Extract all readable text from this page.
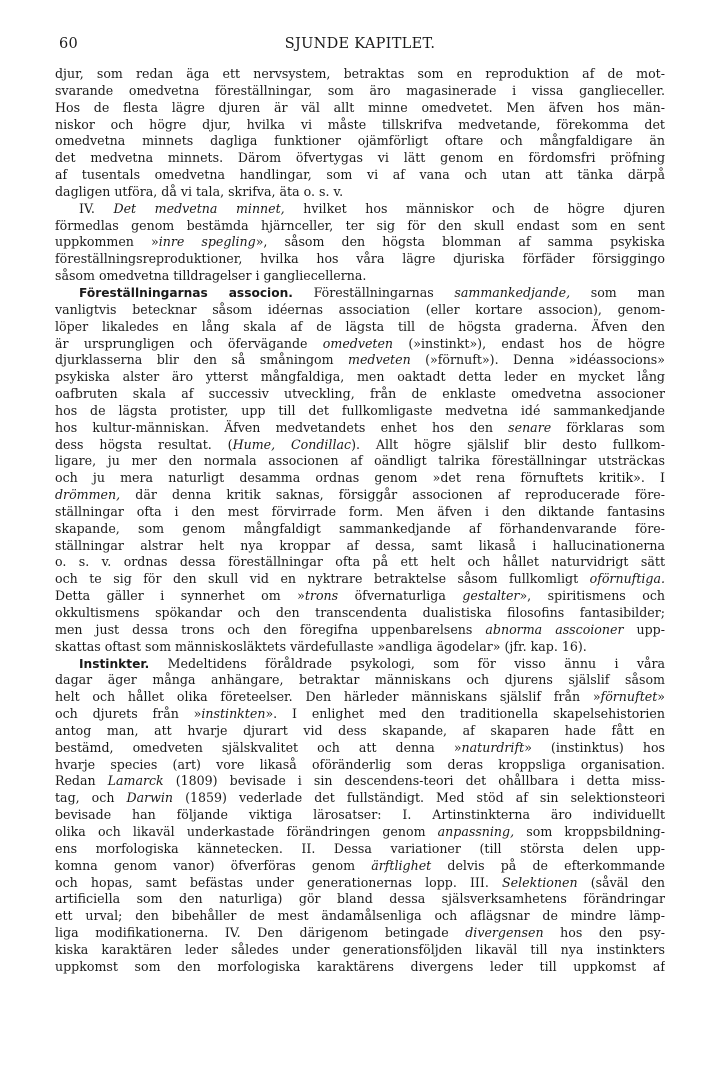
60	SJUNDE KAPITLET.
djur, som redan äga ett nervsystem, betraktas som en reproduktion af de mot-
svarande omedvetna föreställningar, som äro magasinerade i vissa ganglieceller.
Hos de flesta lägre djuren är väl allt minne omedvetet. Men äfven hos män-
niskor och högre djur, hvilka vi måste tillskrifva medvetande, förekomma det
omedvetna minnets dagliga funktioner ojämförligt oftare och mångfaldigare än
det medvetna minnets. Därom öfvertygas vi lätt genom en fördomsfri pröfning
af tusentals omedvetna handlingar, som vi af vana och utan att tänka därpå
dagligen utföra, då vi tala, skrifva, äta o. s. v.
IV. Det medvetna minnet, hvilket hos människor och de högre djuren
förmedlas genom bestämda hjärnceller, ter sig för den skull endast som en sent
uppkommen »inre spegling», såsom den högsta blomman af samma psykiska
föreställningsreproduktioner, hvilka hos våra lägre djuriska förfäder försiggingo
såsom omedvetna tilldragelser i gangliecellerna.
Föreställningarnas associon. Föreställningarnas sammankedjande, som man
vanligtvis betecknar såsom idéernas association (eller kortare associon), genom-
löper likaledes en lång skala af de lägsta till de högsta graderna. Äfven den
är ursprungligen och öfervägande omedveten (»instinkt»), endast hos de högre
djurklasserna blir den så småningom medveten (»förnuft»). Denna »idéassocions»
psykiska alster äro ytterst mångfaldiga, men oaktadt detta leder en mycket lång
oafbruten skala af successiv utveckling, från de enklaste omedvetna associoner
hos de lägsta protister, upp till det fullkomligaste medvetna idé sammankedjande
hos kultur-människan. Äfven medvetandets enhet hos den senare förklaras som
dess högsta resultat. (Hume, Condillac). Allt högre själslif blir desto fullkom-
ligare, ju mer den normala associonen af oändligt talrika föreställningar utsträckas
och ju mera naturligt desamma ordnas genom »det rena förnuftets kritik». I
drömmen, där denna kritik saknas, försiggår associonen af reproducerade före-
ställningar ofta i den mest förvirrade form. Men äfven i den diktande fantasins
skapande, som genom mångfaldigt sammankedjande af förhandenvarande före-
ställningar alstrar helt nya kroppar af dessa, samt likaså i hallucinationerna
o. s. v. ordnas dessa föreställningar ofta på ett helt och hållet naturvidrigt sätt
och te sig för den skull vid en nyktrare betraktelse såsom fullkomligt oförnuftiga.
Detta gäller i synnerhet om »trons öfvernaturliga gestalter», spiritismens och
okkultismens spökandar och den transcendenta dualistiska filosofins fantasibilder;
men just dessa trons och den föregifna uppenbarelsens abnorma asscoioner upp-
skattas oftast som människosläktets värdefullaste »andliga ägodelar» (jfr. kap. 16).
Instinkter. Medeltidens föråldrade psykologi, som för visso ännu i våra
dagar äger många anhängare, betraktar människans och djurens själslif såsom
helt och hållet olika företeelser. Den härleder människans själslif från »förnuftet»
och djurets från »instinkten». I enlighet med den traditionella skapelsehistorien
antog man, att hvarje djurart vid dess skapande, af skaparen hade fått en
bestämd, omedveten själskvalitet och att denna »naturdrift» (instinktus) hos
hvarje species (art) vore likaså oföränderlig som deras kroppsliga organisation.
Redan Lamarck (1809) bevisade i sin descendens-teori det ohållbara i detta miss-
tag, och Darwin (1859) vederlade det fullständigt. Med stöd af sin selektionsteori
bevisade han följande viktiga lärosatser: I. Artinstinkterna äro individuellt
olika och likaväl underkastade förändringen genom anpassning, som kroppsbildning-
ens morfologiska kännetecken. II. Dessa variationer (till största delen upp-
komna genom vanor) öfverföras genom ärftlighet delvis på de efterkommande
och hopas, samt befästas under generationernas lopp. III. Selektionen (såväl den
artificiella som den naturliga) gör bland dessa själsverksamhetens förändringar
ett urval; den bibehåller de mest ändamålsenliga och aflägsnar de mindre lämp-
liga modifikationerna. IV. Den därigenom betingade divergensen hos den psy-
kiska karaktären leder således under generationsföljden likaväl till nya instinkters
uppkomst som den morfologiska karaktärens divergens leder till uppkomst af
